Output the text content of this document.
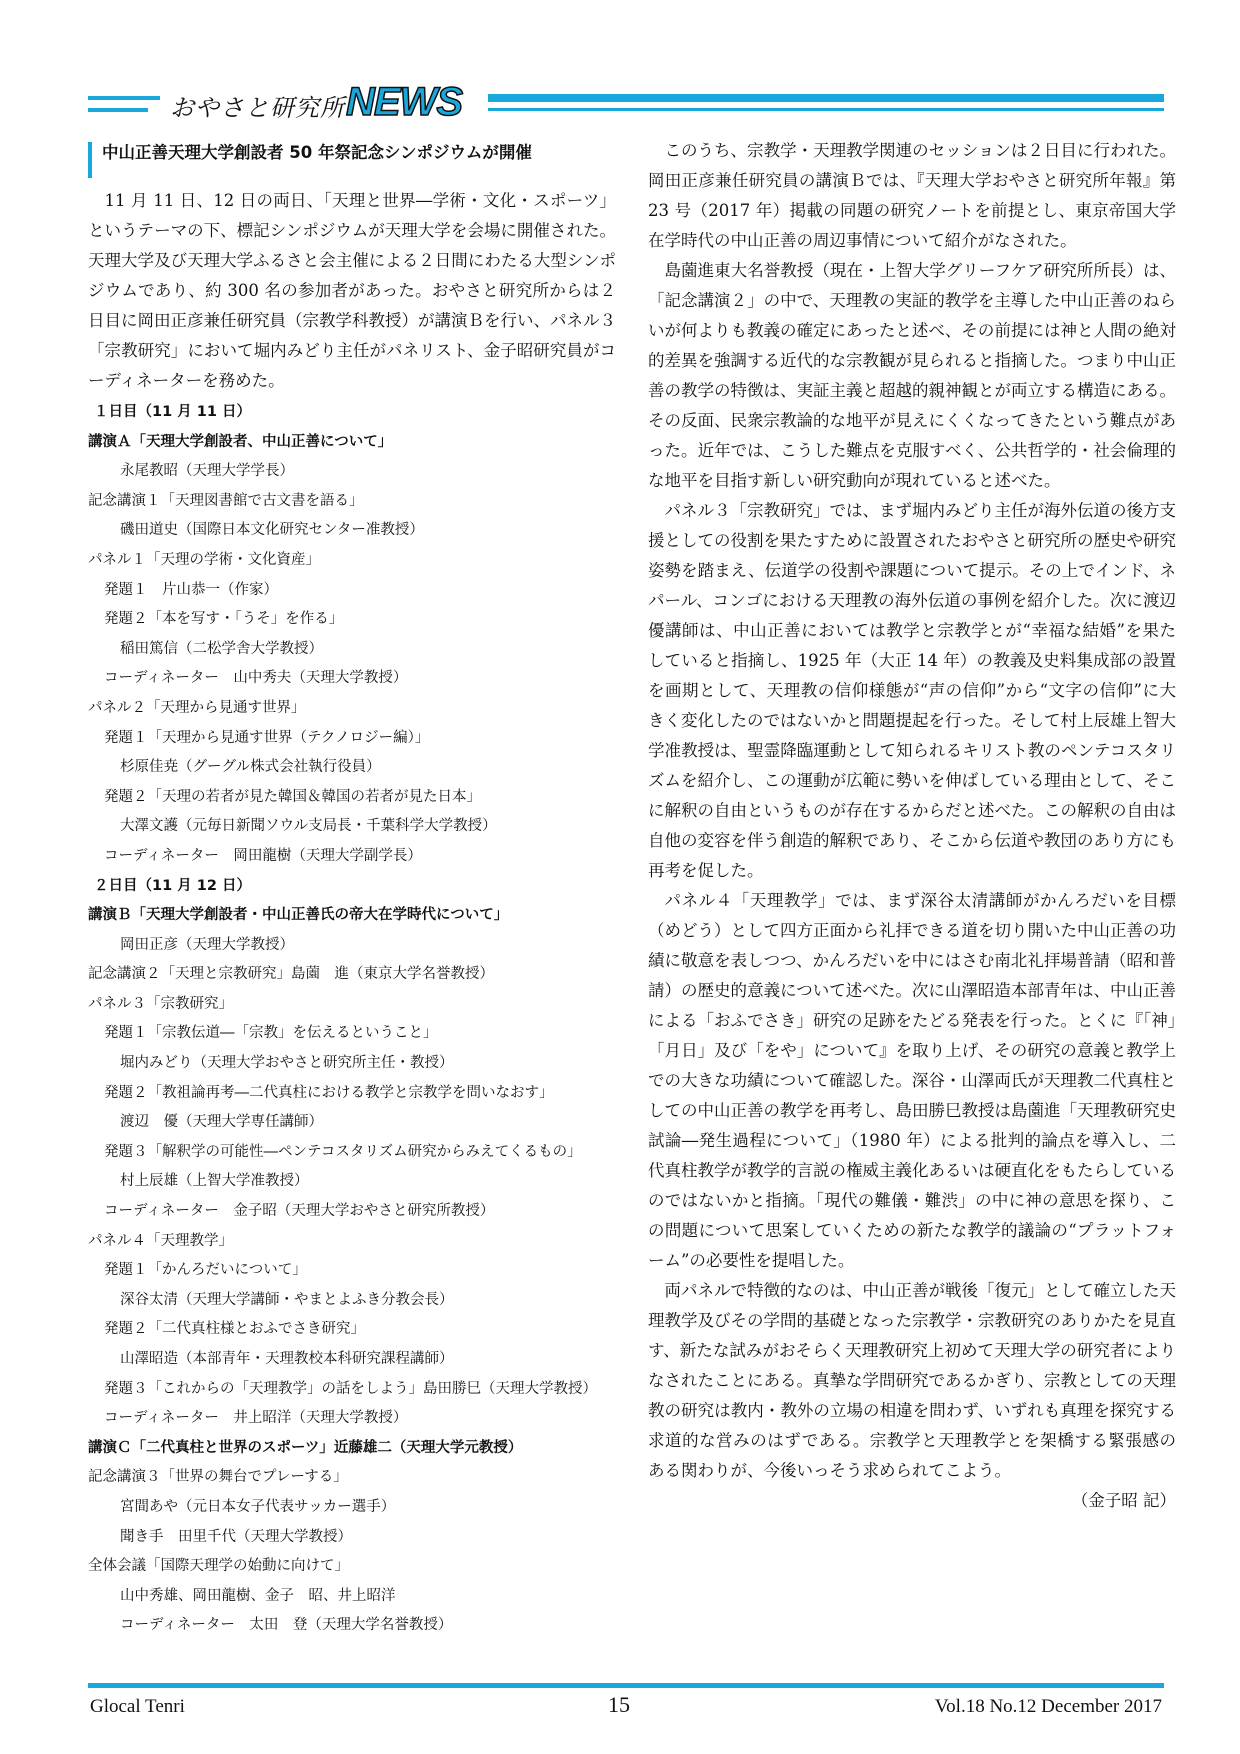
おやさと研究所 NEWS
中山正善天理大学創設者 50 年祭記念シンポジウムが開催

11 月 11 日、12 日の両日、「天理と世界―学術・文化・スポーツ」というテーマの下、標記シンポジウムが天理大学を会場に開催された。天理大学及び天理大学ふるさと会主催による２日間にわたる大型シンポジウムであり、約 300 名の参加者があった。おやさと研究所からは２日目に岡田正彦兼任研究員（宗教学科教授）が講演Ｂを行い、パネル３「宗教研究」において堀内みどり主任がパネリスト、金子昭研究員がコーディネーターを務めた。

１日目（11 月 11 日）
講演Ａ「天理大学創設者、中山正善について」
永尾教昭（天理大学学長）
記念講演１「天理図書館で古文書を語る」
磯田道史（国際日本文化研究センター准教授）
パネル１「天理の学術・文化資産」
発題１　片山恭一（作家）
発題２「本を写す・「うそ」を作る」
稲田篤信（二松学舎大学教授）
コーディネーター　山中秀夫（天理大学教授）
パネル２「天理から見通す世界」
発題１「天理から見通す世界（テクノロジー編）」
杉原佳尭（グーグル株式会社執行役員）
発題２「天理の若者が見た韓国＆韓国の若者が見た日本」
大澤文護（元毎日新聞ソウル支局長・千葉科学大学教授）
コーディネーター　岡田龍樹（天理大学副学長）
２日目（11 月 12 日）
講演Ｂ「天理大学創設者・中山正善氏の帝大在学時代について」
岡田正彦（天理大学教授）
記念講演２「天理と宗教研究」島薗　進（東京大学名誉教授）
パネル３「宗教研究」
発題１「宗教伝道―「宗教」を伝えるということ」
堀内みどり（天理大学おやさと研究所主任・教授）
発題２「教祖論再考―二代真柱における教学と宗教学を問いなおす」
渡辺　優（天理大学専任講師）
発題３「解釈学の可能性―ペンテコスタリズム研究からみえてくるもの」
村上辰雄（上智大学准教授）
コーディネーター　金子昭（天理大学おやさと研究所教授）
パネル４「天理教学」
発題１「かんろだいについて」
深谷太清（天理大学講師・やまとよふき分教会長）
発題２「二代真柱様とおふでさき研究」
山澤昭造（本部青年・天理教校本科研究課程講師）
発題３「これからの「天理教学」の話をしよう」島田勝巳（天理大学教授）
コーディネーター　井上昭洋（天理大学教授）
講演Ｃ「二代真柱と世界のスポーツ」近藤雄二（天理大学元教授）
記念講演３「世界の舞台でプレーする」
宮間あや（元日本女子代表サッカー選手）
聞き手　田里千代（天理大学教授）
全体会議「国際天理学の始動に向けて」
山中秀雄、岡田龍樹、金子　昭、井上昭洋
コーディネーター　太田　登（天理大学名誉教授）

このうち、宗教学・天理教学関連のセッションは２日目に行われた。岡田正彦兼任研究員の講演Ｂでは、『天理大学おやさと研究所年報』第 23 号（2017 年）掲載の同題の研究ノートを前提とし、東京帝国大学在学時代の中山正善の周辺事情について紹介がなされた。

島薗進東大名誉教授（現在・上智大学グリーフケア研究所所長）は、「記念講演２」の中で、天理教の実証的教学を主導した中山正善のねらいが何よりも教義の確定にあったと述べ、その前提には神と人間の絶対的差異を強調する近代的な宗教観が見られると指摘した。つまり中山正善の教学の特徴は、実証主義と超越的親神観とが両立する構造にある。その反面、民衆宗教論的な地平が見えにくくなってきたという難点があった。近年では、こうした難点を克服すべく、公共哲学的・社会倫理的な地平を目指す新しい研究動向が現れていると述べた。

パネル３「宗教研究」では、まず堀内みどり主任が海外伝道の後方支援としての役割を果たすために設置されたおやさと研究所の歴史や研究姿勢を踏まえ、伝道学の役割や課題について提示。その上でインド、ネパール、コンゴにおける天理教の海外伝道の事例を紹介した。次に渡辺優講師は、中山正善においては教学と宗教学とが“幸福な結婚”を果たしていると指摘し、1925 年（大正 14 年）の教義及史料集成部の設置を画期として、天理教の信仰様態が“声の信仰”から“文字の信仰”に大きく変化したのではないかと問題提起を行った。そして村上辰雄上智大学准教授は、聖霊降臨運動として知られるキリスト教のペンテコスタリズムを紹介し、この運動が広範に勢いを伸ばしている理由として、そこに解釈の自由というものが存在するからだと述べた。この解釈の自由は自他の変容を伴う創造的解釈であり、そこから伝道や教団のあり方にも再考を促した。

パネル４「天理教学」では、まず深谷太清講師がかんろだいを目標（めどう）として四方正面から礼拝できる道を切り開いた中山正善の功績に敬意を表しつつ、かんろだいを中にはさむ南北礼拝場普請（昭和普請）の歴史的意義について述べた。次に山澤昭造本部青年は、中山正善による「おふでさき」研究の足跡をたどる発表を行った。とくに『「神」「月日」及び「をや」について』を取り上げ、その研究の意義と教学上での大きな功績について確認した。深谷・山澤両氏が天理教二代真柱としての中山正善の教学を再考し、島田勝巳教授は島薗進「天理教研究史試論―発生過程について」（1980 年）による批判的論点を導入し、二代真柱教学が教学的言説の権威主義化あるいは硬直化をもたらしているのではないかと指摘。「現代の難儀・難渋」の中に神の意思を探り、この問題について思案していくための新たな教学的議論の“プラットフォーム”の必要性を提唱した。

両パネルで特徴的なのは、中山正善が戦後「復元」として確立した天理教学及びその学問的基礎となった宗教学・宗教研究のありかたを見直す、新たな試みがおそらく天理教研究上初めて天理大学の研究者によりなされたことにある。真摯な学問研究であるかぎり、宗教としての天理教の研究は教内・教外の立場の相違を問わず、いずれも真理を探究する求道的な営みのはずである。宗教学と天理教学とを架橋する緊張感のある関わりが、今後いっそう求められてこよう。

（金子昭 記）

Glocal Tenri	15	Vol.18 No.12 December 2017
